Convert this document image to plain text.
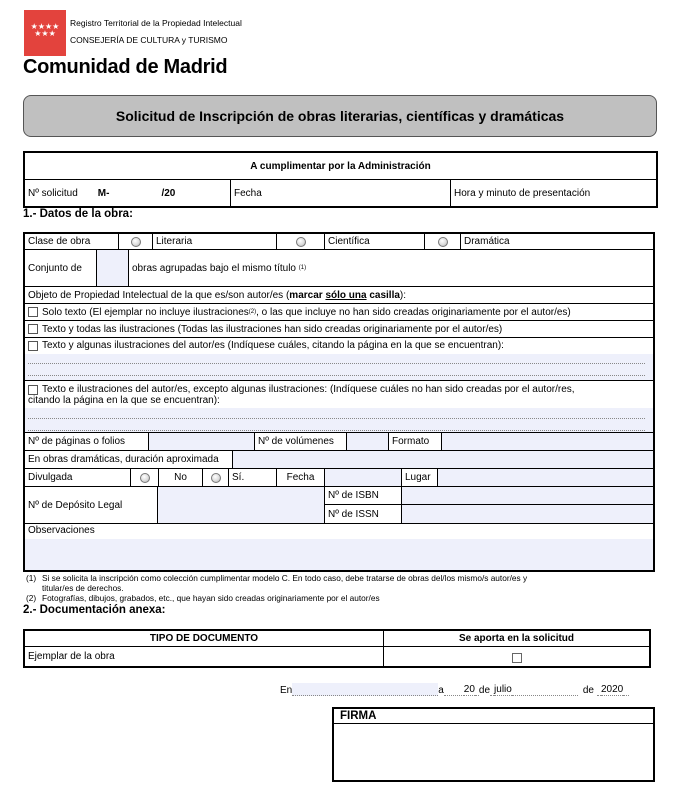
★★★★
★★★
Registro Territorial de la Propiedad Intelectual
CONSEJERÍA DE CULTURA y TURISMO
Comunidad de Madrid
Solicitud de Inscripción de obras literarias, científicas y dramáticas
A cumplimentar por la Administración
Nº solicitud M-	/20	Fecha	Hora y minuto de presentación
1.- Datos de la obra:
Clase de obra	Literaria	Científica	Dramática
Conjunto de	obras agrupadas bajo el mismo título
(1)
Objeto de Propiedad Intelectual de la que es/son autor/es ( marcar sólo una casilla ):
Solo texto (El ejemplar no incluye ilustraciones (2) , o las que incluye no han sido creadas originariamente por el autor/es)
Texto y todas las ilustraciones (Todas las ilustraciones han sido creadas originariamente por el autor/es)
Texto y algunas ilustraciones del autor/es (Indíquese cuáles, citando la página en la que se encuentran):
Texto e ilustraciones del autor/es, excepto algunas ilustraciones: (Indíquese cuáles no han sido creadas por el autor/res,
citando la página en la que se encuentran):
Nº de páginas o folios	Nº de volúmenes	Formato
En obras dramáticas, duración aproximada
Divulgada	No	Sí.	Fecha	Lugar
Nº de Depósito Legal
Nº de ISBN
Nº de ISSN
Observaciones
(1) Si se solicita la inscripción como colección cumplimentar modelo C. En todo caso, debe tratarse de obras del/los mismo/s autor/es y
titular/es de derechos.
(2) Fotografías, dibujos, grabados, etc., que hayan sido creadas originariamente por el autor/es
2.- Documentación anexa:
TIPO DE DOCUMENTO	Se aporta en la solicitud
Ejemplar de la obra
En	a 20 de julio	de 2020
FIRMA
